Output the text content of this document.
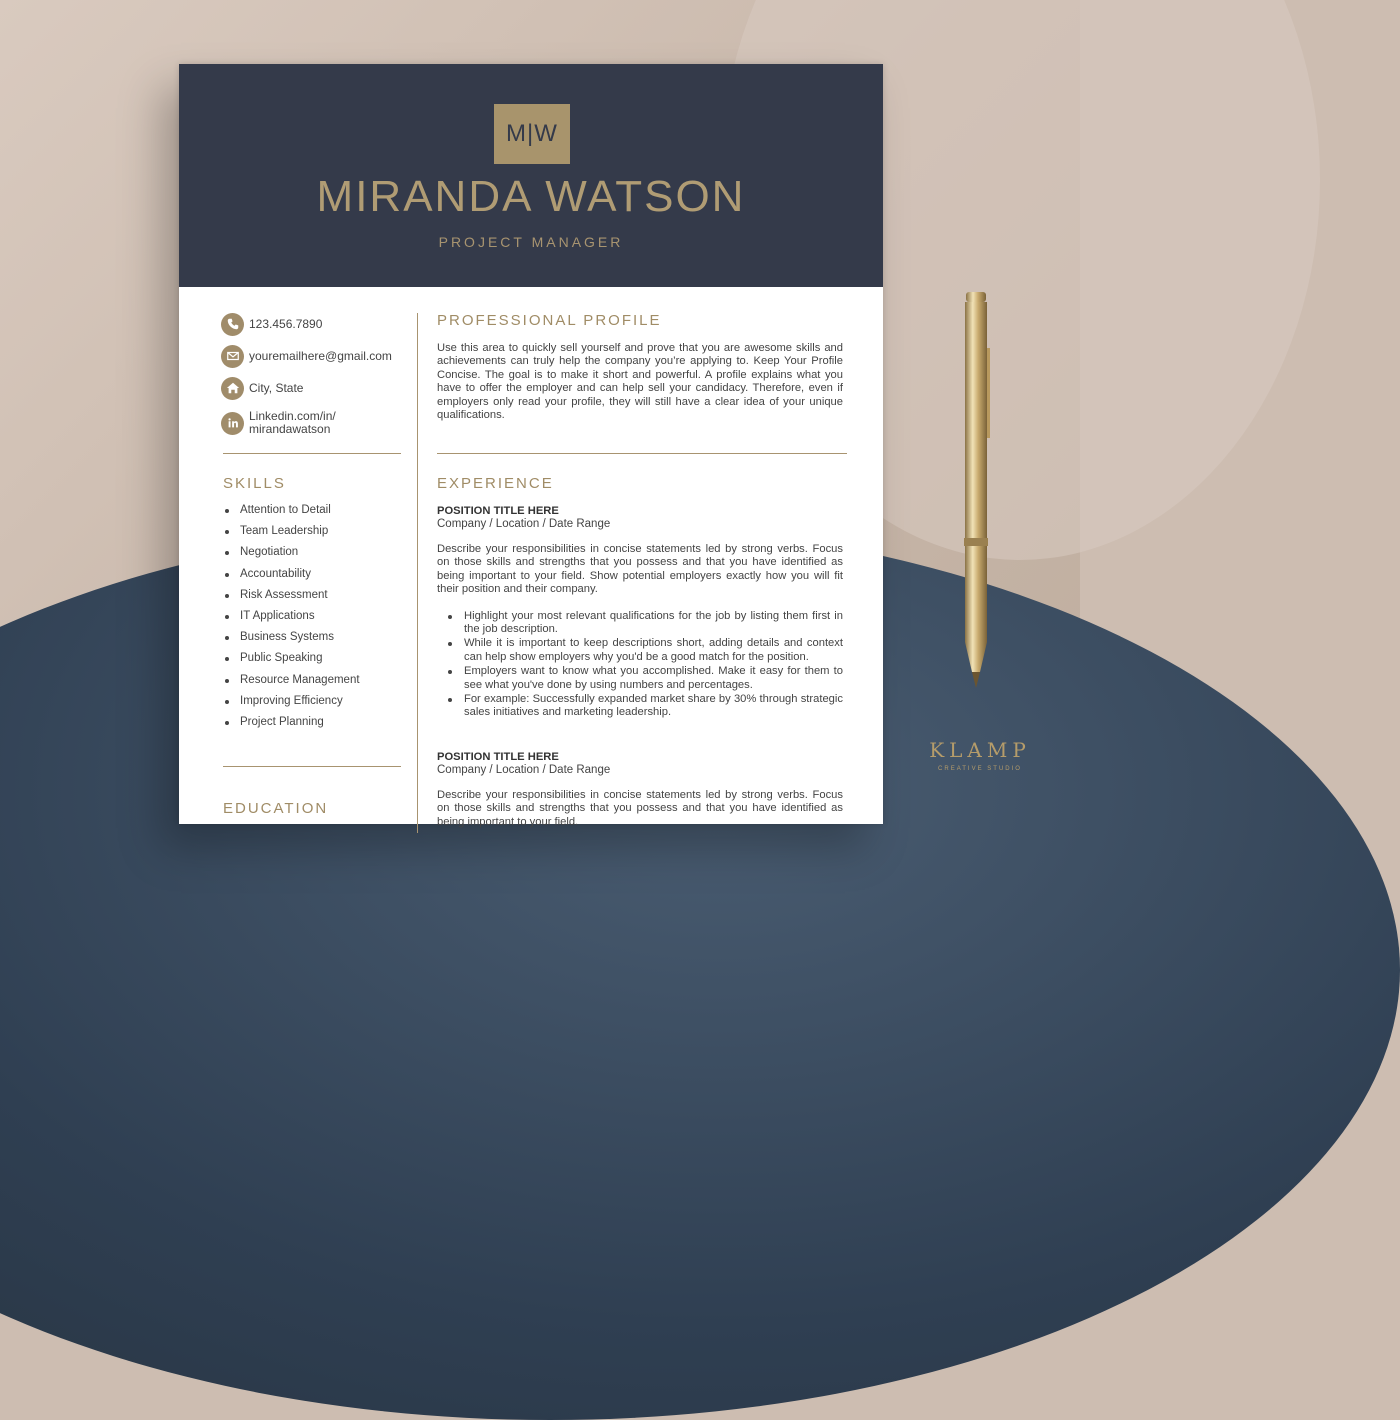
M|W
MIRANDA WATSON
PROJECT MANAGER
123.456.7890
youremailhere@gmail.com
City, State
Linkedin.com/in/
mirandawatson
SKILLS
Attention to Detail
Team Leadership
Negotiation
Accountability
Risk Assessment
IT Applications
Business Systems
Public Speaking
Resource Management
Improving Efficiency
Project Planning
EDUCATION
PROFESSIONAL PROFILE
Use this area to quickly sell yourself and prove that you are awesome skills and achievements can truly help the company you’re applying to. Keep Your Profile Concise. The goal is to make it short and powerful. A profile explains what you have to offer the employer and can help sell your candidacy. Therefore, even if employers only read your profile, they will still have a clear idea of your unique qualifications.
EXPERIENCE
POSITION TITLE HERE
Company / Location / Date Range
Describe your responsibilities in concise statements led by strong verbs. Focus on those skills and strengths that you possess and that you have identified as being important to your field. Show potential employers exactly how you will fit their position and their company.
Highlight your most relevant qualifications for the job by listing them first in the job description.
While it is important to keep descriptions short, adding details and context can help show employers why you'd be a good match for the position.
Employers want to know what you accomplished. Make it easy for them to see what you've done by using numbers and percentages.
For example: Successfully expanded market share by 30% through strategic sales initiatives and marketing leadership.
POSITION TITLE HERE
Company / Location / Date Range
Describe your responsibilities in concise statements led by strong verbs. Focus on those skills and strengths that you possess and that you have identified as being important to your field.
KLAMP
CREATIVE STUDIO
